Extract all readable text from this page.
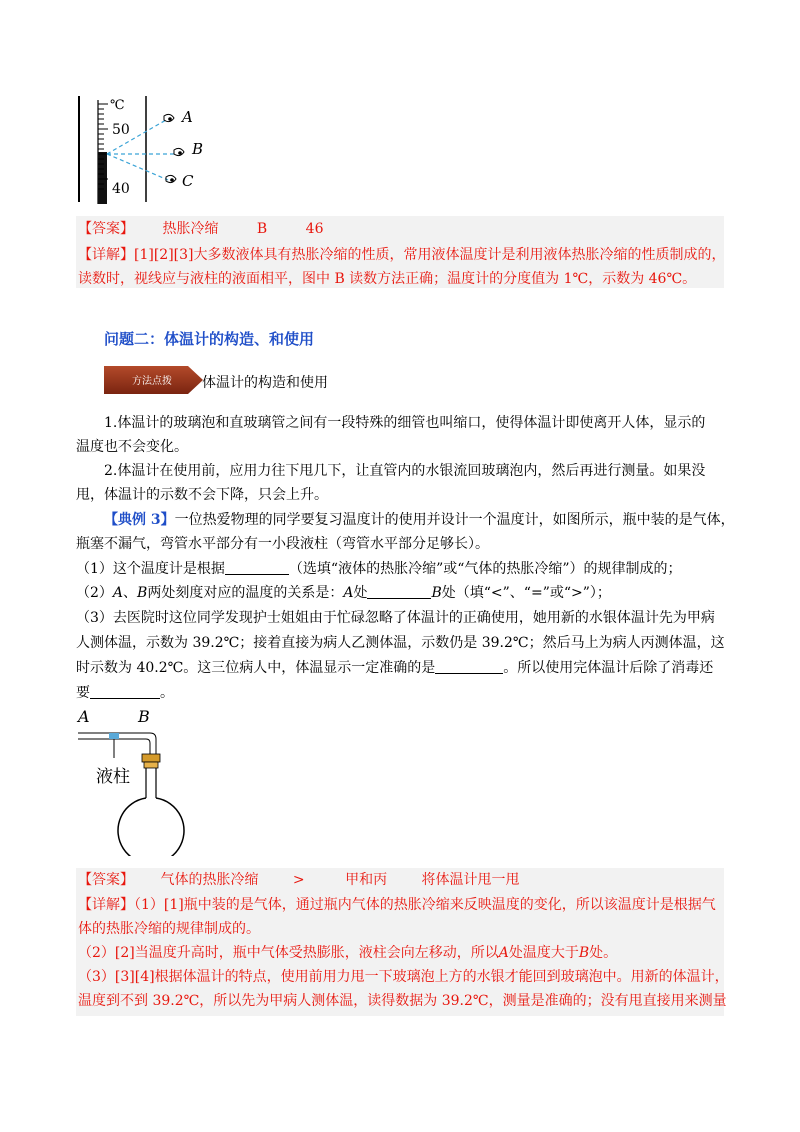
℃
50
40
A
B
C
【答案】 热胀冷缩	B	46
【详解】[1][2][3]大多数液体具有热胀冷缩的性质，常用液体温度计是利用液体热胀冷缩的性质制成的，
读数时，视线应与液柱的液面相平，图中 B 读数方法正确；温度计的分度值为 1℃，示数为 46℃。
问题二：体温计的构造、和使用
方法点拨 体温计的构造和使用
1.体温计的玻璃泡和直玻璃管之间有一段特殊的细管也叫缩口，使得体温计即使离开人体，显示的
温度也不会变化。
2.体温计在使用前，应用力往下甩几下，让直管内的水银流回玻璃泡内，然后再进行测量。如果没
甩，体温计的示数不会下降，只会上升。
【典例 3】一位热爱物理的同学要复习温度计的使用并设计一个温度计，如图所示，瓶中装的是气体，
瓶塞不漏气，弯管水平部分有一小段液柱（弯管水平部分足够长）。
（1）这个温度计是根据	（选填“液体的热胀冷缩”或“气体的热胀冷缩”）的规律制成的；
（2）A、B两处刻度对应的温度的关系是：A处	B处（填“<”、“=”或“>”）；
（3）去医院时这位同学发现护士姐姐由于忙碌忽略了体温计的正确使用，她用新的水银体温计先为甲病
人测体温，示数为 39.2℃；接着直接为病人乙测体温，示数仍是 39.2℃；然后马上为病人丙测体温，这
时示数为 40.2℃。这三位病人中，体温显示一定准确的是	。所以使用完体温计后除了消毒还
要	。
A	B
液柱
【答案】 气体的热胀冷缩 >	甲和丙 将体温计甩一甩
【详解】（1）[1]瓶中装的是气体，通过瓶内气体的热胀冷缩来反映温度的变化，所以该温度计是根据气
体的热胀冷缩的规律制成的。
（2）[2]当温度升高时，瓶中气体受热膨胀，液柱会向左移动，所以A处温度大于B处。
（3）[3][4]根据体温计的特点，使用前用力甩一下玻璃泡上方的水银才能回到玻璃泡中。用新的体温计，
温度到不到 39.2℃，所以先为甲病人测体温，读得数据为 39.2℃，测量是准确的；没有甩直接用来测量
